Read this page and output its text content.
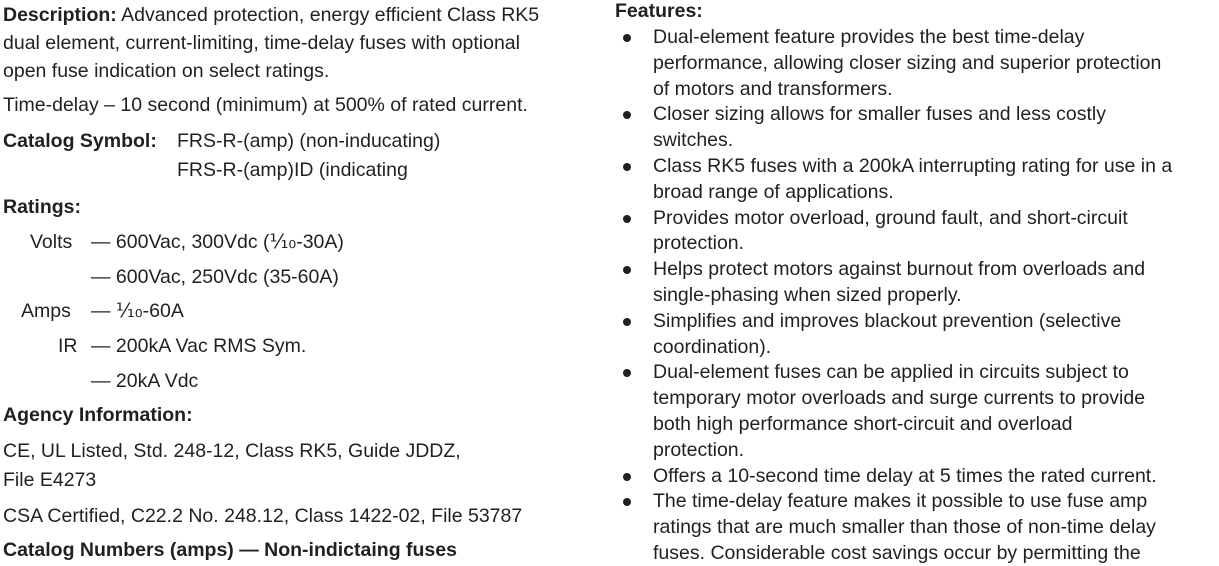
Description: Advanced protection, energy efficient Class RK5
dual element, current-limiting, time-delay fuses with optional
open fuse indication on select ratings.
Time-delay – 10 second (minimum) at 500% of rated current.
Catalog Symbol: FRS-R-(amp) (non-inducating)
FRS-R-(amp)ID (indicating
Ratings:
Volts — 600Vac, 300Vdc (⅒-30A)
— 600Vac, 250Vdc (35-60A)
Amps — ⅒-60A
IR — 200kA Vac RMS Sym.
— 20kA Vdc
Agency Information:
CE, UL Listed, Std. 248-12, Class RK5, Guide JDDZ,
File E4273
CSA Certified, C22.2 No. 248.12, Class 1422-02, File 53787
Catalog Numbers (amps) — Non-indictaing fuses
Features:
Dual-element feature provides the best time-delay
performance, allowing closer sizing and superior protection
of motors and transformers.
Closer sizing allows for smaller fuses and less costly
switches.
Class RK5 fuses with a 200kA interrupting rating for use in a
broad range of applications.
Provides motor overload, ground fault, and short-circuit
protection.
Helps protect motors against burnout from overloads and
single-phasing when sized properly.
Simplifies and improves blackout prevention (selective
coordination).
Dual-element fuses can be applied in circuits subject to
temporary motor overloads and surge currents to provide
both high performance short-circuit and overload
protection.
Offers a 10-second time delay at 5 times the rated current.
The time-delay feature makes it possible to use fuse amp
ratings that are much smaller than those of non-time delay
fuses. Considerable cost savings occur by permitting the
